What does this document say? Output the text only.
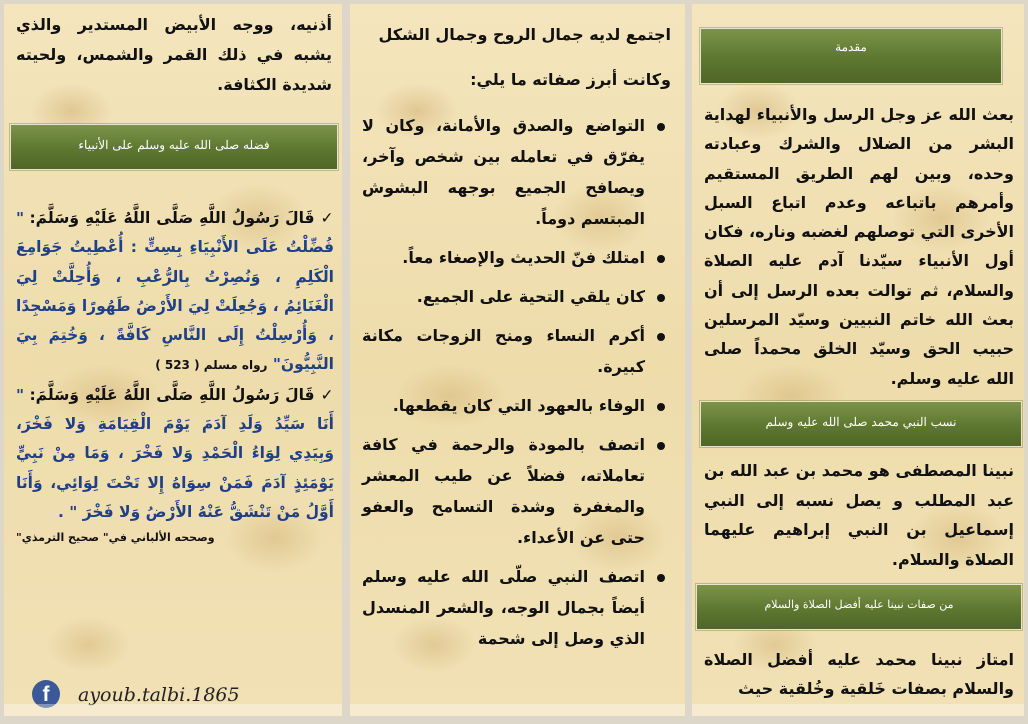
مقدمة
بعث الله عز وجل الرسل والأنبياء لهداية البشر من الضلال والشرك وعبادته وحده، وبين لهم الطريق المستقيم وأمرهم باتباعه وعدم اتباع السبل الأخرى التي توصلهم لغضبه وناره، فكان أول الأنبياء سيّدنا آدم عليه الصلاة والسلام، ثم توالت بعده الرسل إلى أن بعث الله خاتم النبيين وسيّد المرسلين حبيب الحق وسيّد الخلق محمداً صلى الله عليه وسلم.
نسب النبي محمد صلى الله عليه وسلم
نبينا المصطفى هو محمد بن عبد الله بن عبد المطلب و يصل نسبه إلى النبي إسماعيل بن النبي إبراهيم عليهما الصلاة والسلام.
من صفات نبينا عليه أفضل الصلاة والسلام
امتاز نبينا محمد عليه أفضل الصلاة والسلام بصفات خَلقية وخُلقية حيث
اجتمع لديه جمال الروح وجمال الشكل وكانت أبرز صفاته ما يلي:
التواضع والصدق والأمانة، وكان لا يفرّق في تعامله بين شخص وآخر، ويصافح الجميع بوجهه البشوش المبتسم دوماً.
امتلك فنّ الحديث والإصغاء معاً.
كان يلقي التحية على الجميع.
أكرم النساء ومنح الزوجات مكانة كبيرة.
الوفاء بالعهود التي كان يقطعها.
اتصف بالمودة والرحمة في كافة تعاملاته، فضلاً عن طيب المعشر والمغفرة وشدة التسامح والعفو حتى عن الأعداء.
اتصف النبي صلّى الله عليه وسلم أيضاً بجمال الوجه، والشعر المنسدل الذي وصل إلى شحمة
أذنيه، ووجه الأبيض المستدير والذي يشبه في ذلك القمر والشمس، ولحيته شديدة الكثافة.
فضله صلى الله عليه وسلم على الأنبياء

✓ قَالَ رَسُولُ اللَّهِ صَلَّى اللَّهُ عَلَيْهِ وَسَلَّمَ: " فُضِّلْتُ عَلَى الأَنْبِيَاءِ بِسِتٍّ : أُعْطِيتُ جَوَامِعَ الْكَلِمِ ، وَنُصِرْتُ بِالرُّعْبِ ، وَأُحِلَّتْ لِيَ الْغَنَائِمُ ، وَجُعِلَتْ لِيَ الأَرْضُ طَهُورًا وَمَسْجِدًا ، وَأُرْسِلْتُ إِلَى النَّاسِ كَافَّةً ، وَخُتِمَ بِيَ النَّبِيُّونَ" رواه مسلم ( 523 )

✓ قَالَ رَسُولُ اللَّهِ صَلَّى اللَّهُ عَلَيْهِ وَسَلَّمَ: " أَنَا سَيِّدُ وَلَدِ آدَمَ يَوْمَ الْقِيَامَةِ وَلا فَخْرَ، وَبِيَدِي لِوَاءُ الْحَمْدِ وَلا فَخْرَ ، وَمَا مِنْ نَبِيٍّ يَوْمَئِذٍ آدَمَ فَمَنْ سِوَاهُ إِلا تَحْتَ لِوَائِي، وَأَنَا أَوَّلُ مَنْ تَنْشَقُّ عَنْهُ الأَرْضُ وَلا فَخْرَ " .

وصححه الألباني في" صحيح الترمذي"

f	ayoub.talbi.1865
